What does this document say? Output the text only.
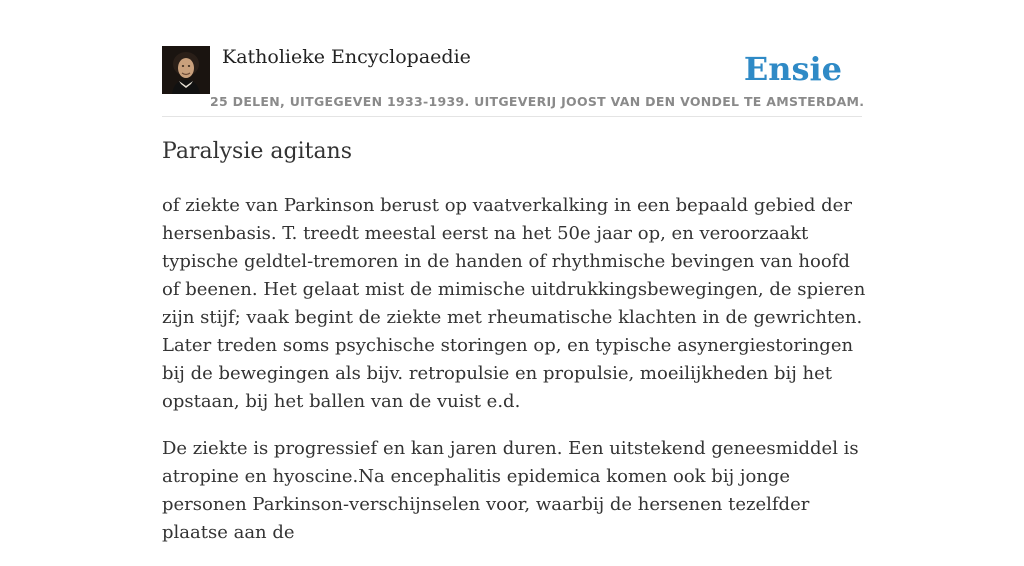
Katholieke Encyclopaedie	Ensie
25 DELEN, UITGEGEVEN 1933-1939. UITGEVERIJ JOOST VAN DEN VONDEL TE AMSTERDAM.
Paralysie agitans

of ziekte van Parkinson berust op vaatverkalking in een bepaald gebied der hersenbasis. T. treedt meestal eerst na het 50e jaar op, en veroorzaakt typische geldtel-tremoren in de handen of rhythmische bevingen van hoofd of beenen. Het gelaat mist de mimische uitdrukkingsbewegingen, de spieren zijn stijf; vaak begint de ziekte met rheumatische klachten in de gewrichten. Later treden soms psychische storingen op, en typische asynergiestoringen bij de bewegingen als bijv. retropulsie en propulsie, moeilijkheden bij het opstaan, bij het ballen van de vuist e.d.

De ziekte is progressief en kan jaren duren. Een uitstekend geneesmiddel is atropine en hyoscine.Na encephalitis epidemica komen ook bij jonge personen Parkinson-verschijnselen voor, waarbij de hersenen tezelfder plaatse aan de
